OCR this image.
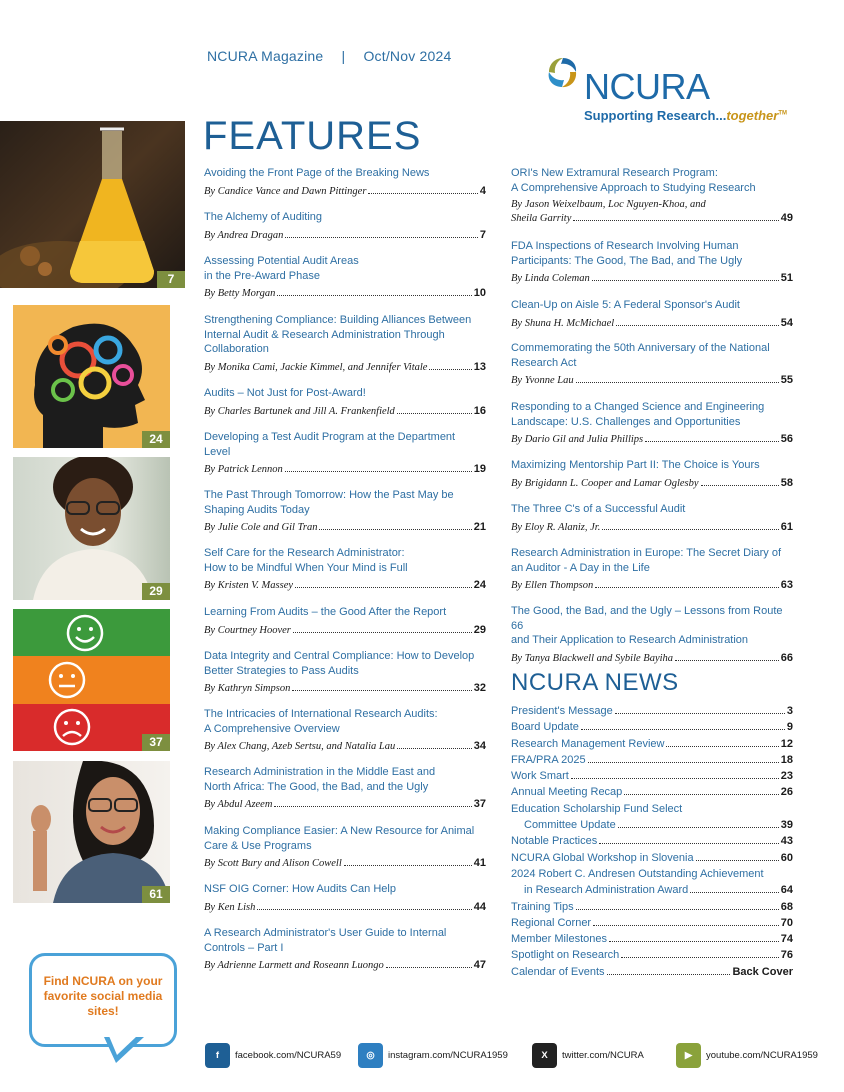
NCURA Magazine | Oct/Nov 2024
NCURA
Supporting Research...together™
FEATURES
NCURA NEWS
7
24
29
37
61
Avoiding the Front Page of the Breaking News
By Candice Vance and Dawn Pittinger	4
The Alchemy of Auditing
By Andrea Dragan	7
Assessing Potential Audit Areas
in the Pre-Award Phase
By Betty Morgan	10
Strengthening Compliance: Building Alliances Between
Internal Audit & Research Administration Through
Collaboration
By Monika Cami, Jackie Kimmel, and Jennifer Vitale	13
Audits – Not Just for Post-Award!
By Charles Bartunek and Jill A. Frankenfield	16
Developing a Test Audit Program at the Department
Level
By Patrick Lennon	19
The Past Through Tomorrow: How the Past May be
Shaping Audits Today
By Julie Cole and Gil Tran	21
Self Care for the Research Administrator:
How to be Mindful When Your Mind is Full
By Kristen V. Massey	24
Learning From Audits – the Good After the Report
By Courtney Hoover	29
Data Integrity and Central Compliance: How to Develop
Better Strategies to Pass Audits
By Kathryn Simpson	32
The Intricacies of International Research Audits:
A Comprehensive Overview
By Alex Chang, Azeb Sertsu, and Natalia Lau	34
Research Administration in the Middle East and
North Africa: The Good, the Bad, and the Ugly
By Abdul Azeem	37
Making Compliance Easier: A New Resource for Animal
Care & Use Programs
By Scott Bury and Alison Cowell	41
NSF OIG Corner: How Audits Can Help
By Ken Lish	44
A Research Administrator's User Guide to Internal
Controls – Part I
By Adrienne Larmett and Roseann Luongo	47
ORI's New Extramural Research Program:
A Comprehensive Approach to Studying Research
By Jason Weixelbaum, Loc Nguyen-Khoa, and
Sheila Garrity	49
FDA Inspections of Research Involving Human
Participants: The Good, The Bad, and The Ugly
By Linda Coleman	51
Clean-Up on Aisle 5: A Federal Sponsor's Audit
By Shuna H. McMichael	54
Commemorating the 50th Anniversary of the National
Research Act
By Yvonne Lau	55
Responding to a Changed Science and Engineering
Landscape: U.S. Challenges and Opportunities
By Dario Gil and Julia Phillips	56
Maximizing Mentorship Part II: The Choice is Yours
By Brigidann L. Cooper and Lamar Oglesby	58
The Three C's of a Successful Audit
By Eloy R. Alaniz, Jr.	61
Research Administration in Europe: The Secret Diary of
an Auditor - A Day in the Life
By Ellen Thompson	63
The Good, the Bad, and the Ugly – Lessons from Route 66
and Their Application to Research Administration
By Tanya Blackwell and Sybile Bayiha	66
President's Message	3
Board Update	9
Research Management Review	12
FRA/PRA 2025	18
Work Smart	23
Annual Meeting Recap	26
Education Scholarship Fund Select
Committee Update	39
Notable Practices	43
NCURA Global Workshop in Slovenia	60
2024 Robert C. Andresen Outstanding Achievement
in Research Administration Award	64
Training Tips	68
Regional Corner	70
Member Milestones	74
Spotlight on Research	76
Calendar of Events	Back Cover
Find NCURA on your favorite social media sites!
f	facebook.com/NCURA59	◎	instagram.com/NCURA1959	X	twitter.com/NCURA	▶	youtube.com/NCURA1959
